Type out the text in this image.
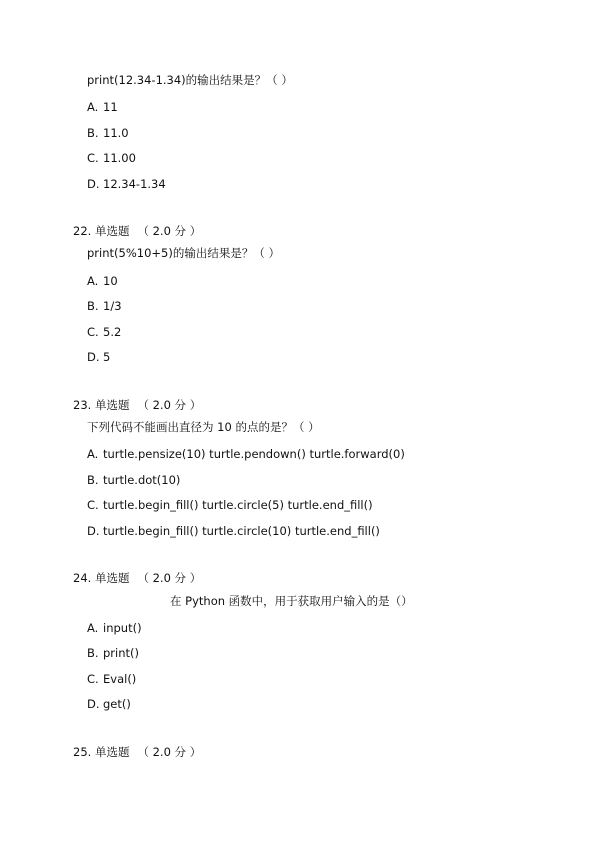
print(12.34-1.34)的输出结果是？（ ）
A. 11
B. 11.0
C. 11.00
D. 12.34-1.34
22. 单选题 （ 2.0 分 ）
print(5%10+5)的输出结果是？（ ）
A. 10
B. 1/3
C. 5.2
D. 5
23. 单选题 （ 2.0 分 ）
下列代码不能画出直径为 10 的点的是？（ ）
A. turtle.pensize(10) turtle.pendown() turtle.forward(0)
B. turtle.dot(10)
C. turtle.begin_fill() turtle.circle(5) turtle.end_fill()
D. turtle.begin_fill() turtle.circle(10) turtle.end_fill()
24. 单选题 （ 2.0 分 ）
在 Python 函数中，用于获取用户输入的是（）
A. input()
B. print()
C. Eval()
D. get()
25. 单选题 （ 2.0 分 ）
